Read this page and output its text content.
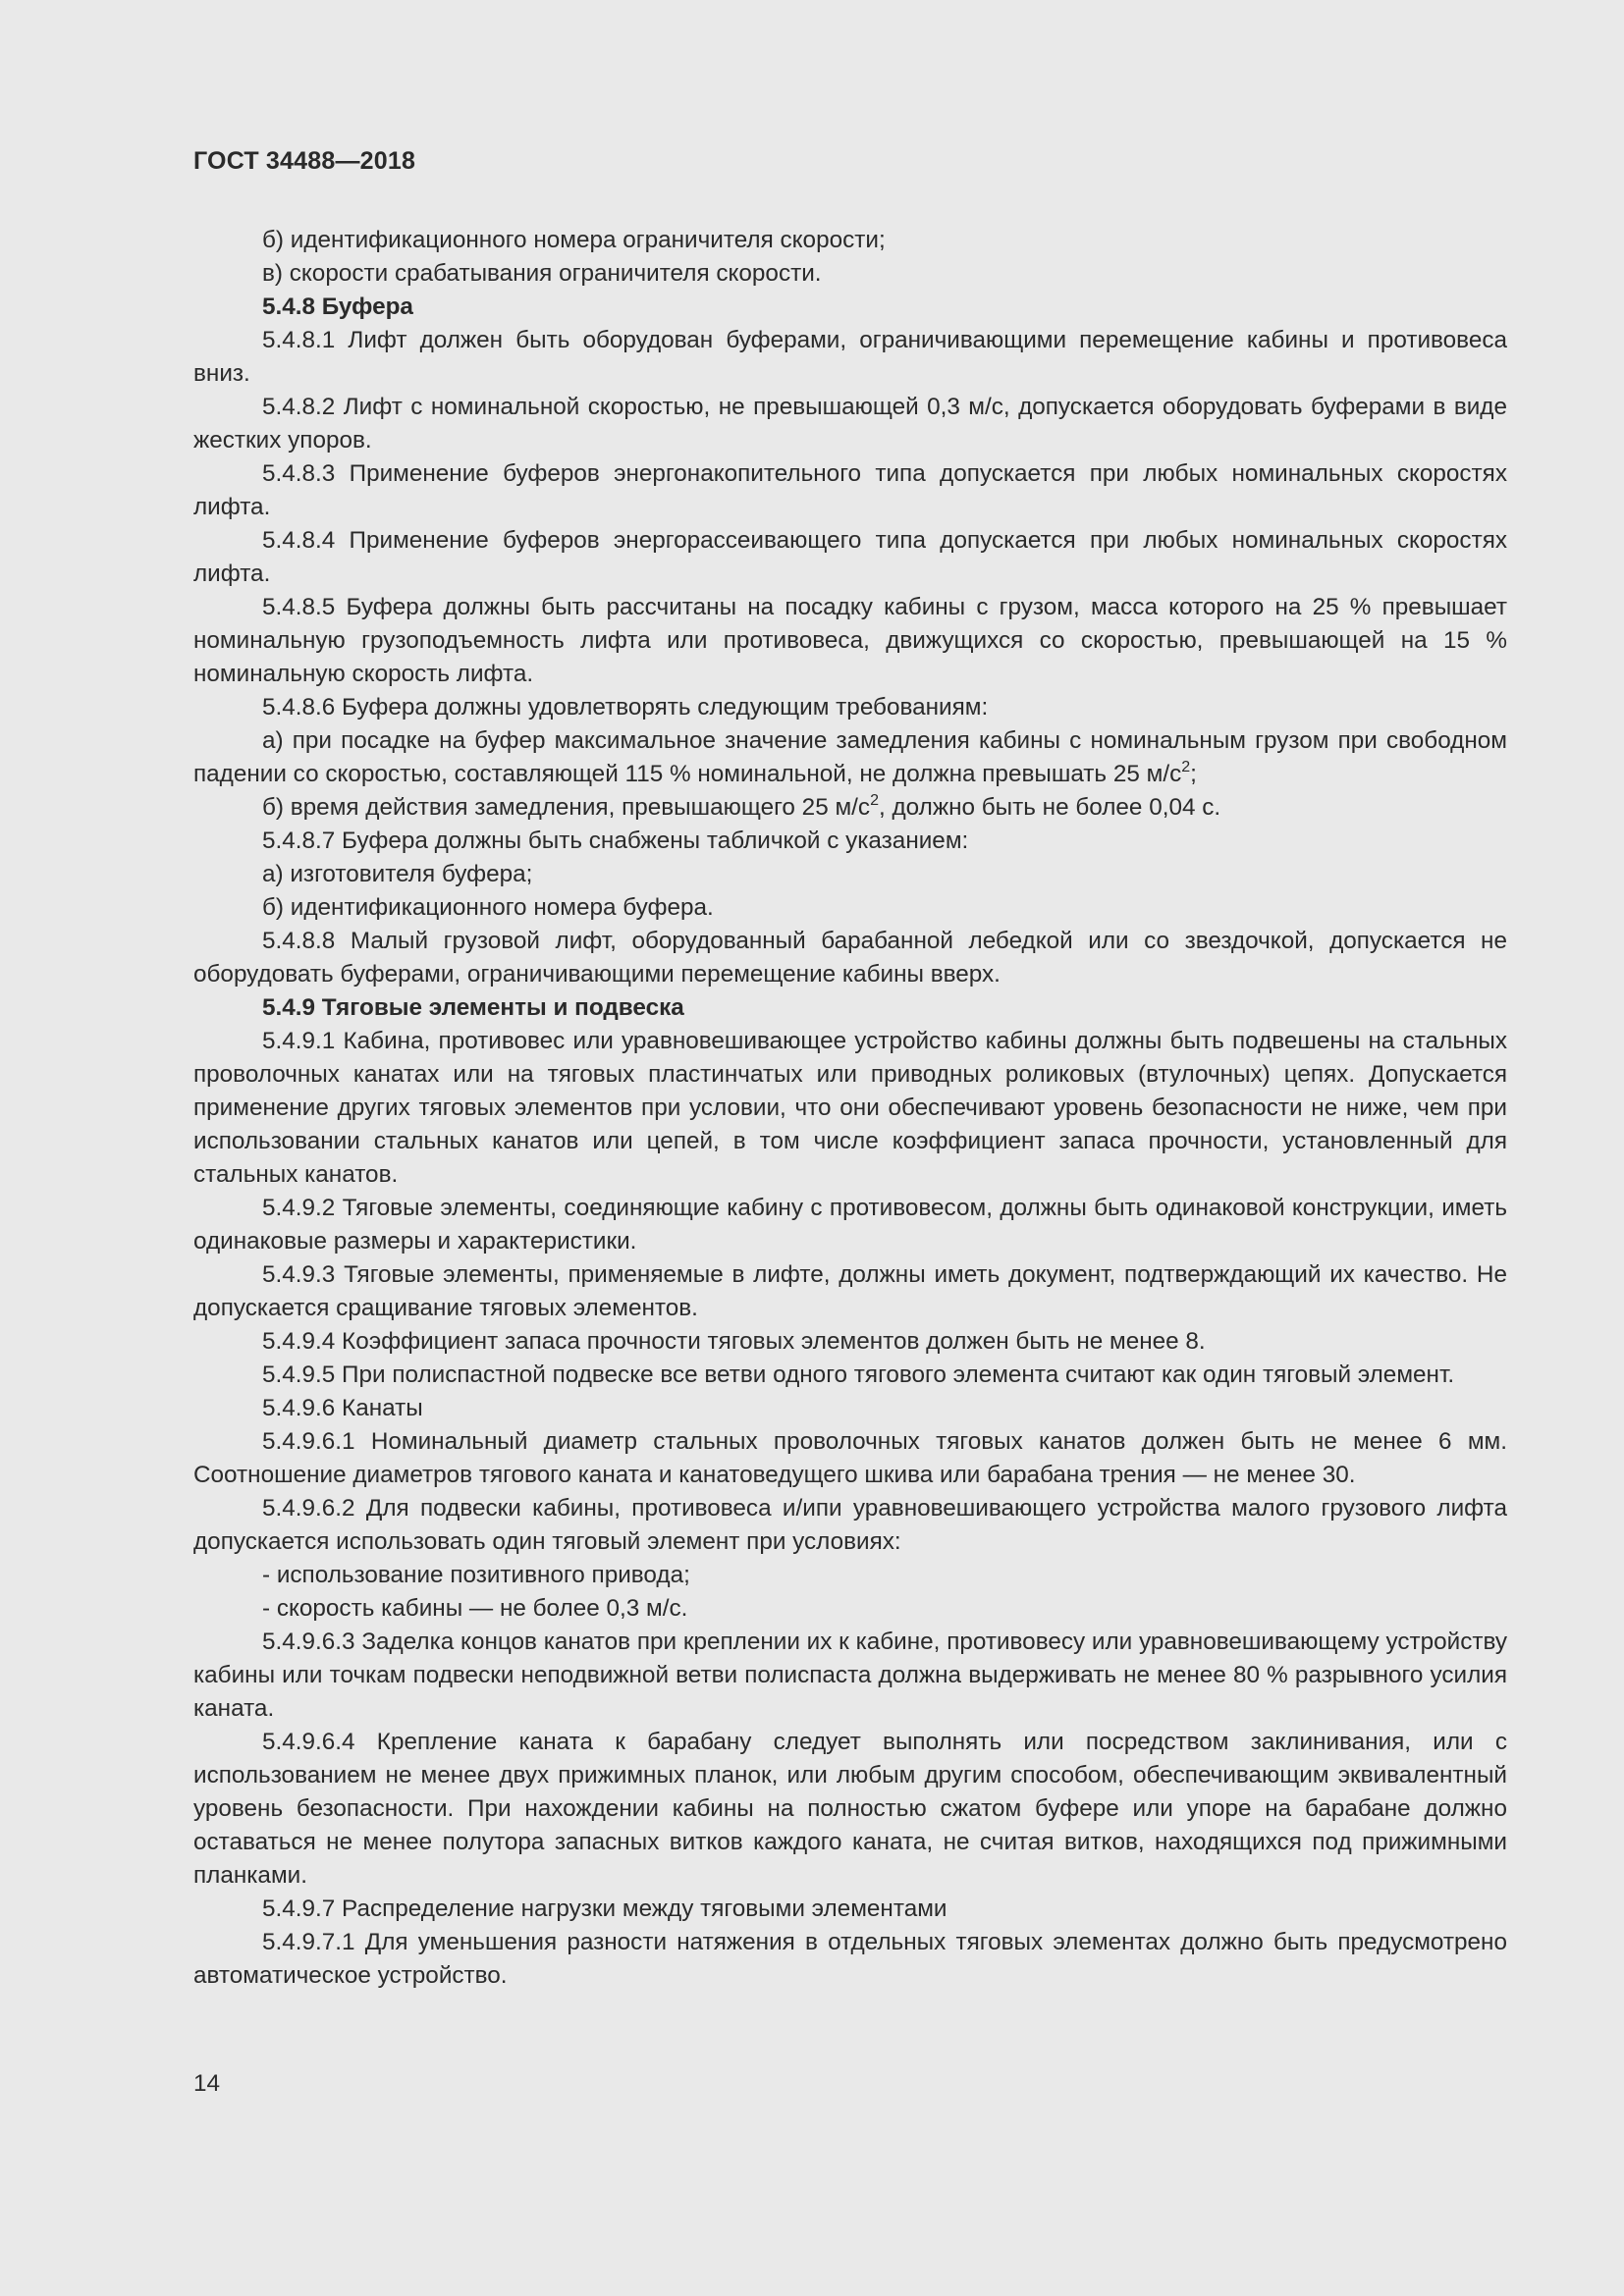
ГОСТ 34488—2018

б) идентификационного номера ограничителя скорости;

в) скорости срабатывания ограничителя скорости.

5.4.8 Буфера

5.4.8.1 Лифт должен быть оборудован буферами, ограничивающими перемещение кабины и противовеса вниз.

5.4.8.2 Лифт с номинальной скоростью, не превышающей 0,3 м/с, допускается оборудовать буферами в виде жестких упоров.

5.4.8.3 Применение буферов энергонакопительного типа допускается при любых номинальных скоростях лифта.

5.4.8.4 Применение буферов энергорассеивающего типа допускается при любых номинальных скоростях лифта.

5.4.8.5 Буфера должны быть рассчитаны на посадку кабины с грузом, масса которого на 25 % превышает номинальную грузоподъемность лифта или противовеса, движущихся со скоростью, превышающей на 15 % номинальную скорость лифта.

5.4.8.6 Буфера должны удовлетворять следующим требованиям:

а) при посадке на буфер максимальное значение замедления кабины с номинальным грузом при свободном падении со скоростью, составляющей 115 % номинальной, не должна превышать 25 $м/с^2$;

б) время действия замедления, превышающего 25 $м/с^2$, должно быть не более 0,04 с.

5.4.8.7 Буфера должны быть снабжены табличкой с указанием:

а) изготовителя буфера;

б) идентификационного номера буфера.

5.4.8.8 Малый грузовой лифт, оборудованный барабанной лебедкой или со звездочкой, допускается не оборудовать буферами, ограничивающими перемещение кабины вверх.

5.4.9 Тяговые элементы и подвеска

5.4.9.1 Кабина, противовес или уравновешивающее устройство кабины должны быть подвешены на стальных проволочных канатах или на тяговых пластинчатых или приводных роликовых (втулочных) цепях. Допускается применение других тяговых элементов при условии, что они обеспечивают уровень безопасности не ниже, чем при использовании стальных канатов или цепей, в том числе коэффициент запаса прочности, установленный для стальных канатов.

5.4.9.2 Тяговые элементы, соединяющие кабину с противовесом, должны быть одинаковой конструкции, иметь одинаковые размеры и характеристики.

5.4.9.3 Тяговые элементы, применяемые в лифте, должны иметь документ, подтверждающий их качество. Не допускается сращивание тяговых элементов.

5.4.9.4 Коэффициент запаса прочности тяговых элементов должен быть не менее 8.

5.4.9.5 При полиспастной подвеске все ветви одного тягового элемента считают как один тяговый элемент.

5.4.9.6 Канаты

5.4.9.6.1 Номинальный диаметр стальных проволочных тяговых канатов должен быть не менее 6 мм. Соотношение диаметров тягового каната и канатоведущего шкива или барабана трения — не менее 30.

5.4.9.6.2 Для подвески кабины, противовеса и/ипи уравновешивающего устройства малого грузового лифта допускается использовать один тяговый элемент при условиях:

- использование позитивного привода;

- скорость кабины — не более 0,3 м/с.

5.4.9.6.3 Заделка концов канатов при креплении их к кабине, противовесу или уравновешивающему устройству кабины или точкам подвески неподвижной ветви полиспаста должна выдерживать не менее 80 % разрывного усилия каната.

5.4.9.6.4 Крепление каната к барабану следует выполнять или посредством заклинивания, или с использованием не менее двух прижимных планок, или любым другим способом, обеспечивающим эквивалентный уровень безопасности. При нахождении кабины на полностью сжатом буфере или упоре на барабане должно оставаться не менее полутора запасных витков каждого каната, не считая витков, находящихся под прижимными планками.

5.4.9.7 Распределение нагрузки между тяговыми элементами

5.4.9.7.1 Для уменьшения разности натяжения в отдельных тяговых элементах должно быть предусмотрено автоматическое устройство.

14
